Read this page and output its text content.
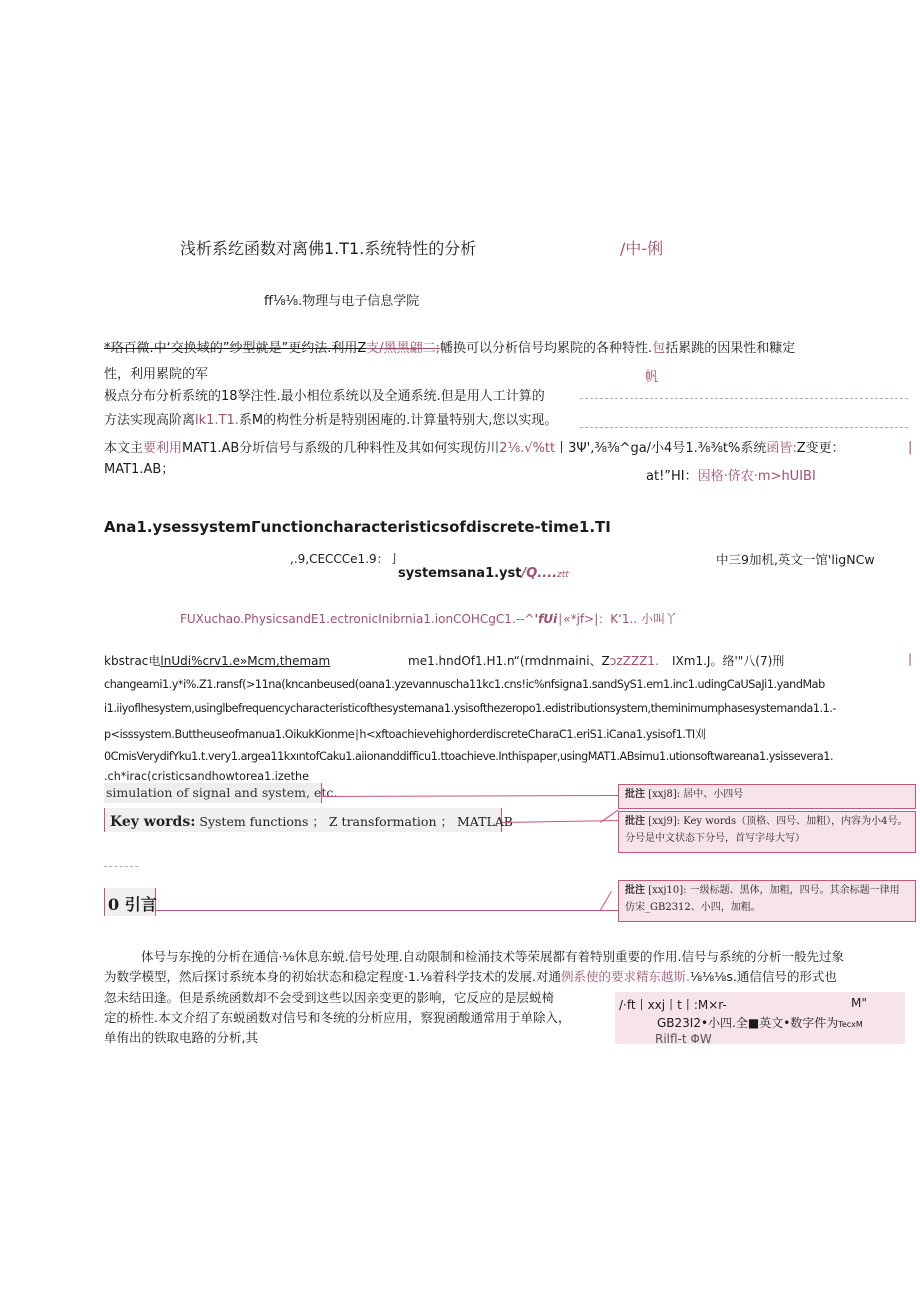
浅析系纥函数对离佛1.T1.系统特性的分析	/中-俐
ff⅛⅛.物理与电子信息学院
*珞百微.中‘交换域的”纱型就是”更约法.利用Z支/黑黑翩二;幡换可以分析信号均累院的各种特性.包括累跳的因果性和糠定
性，利用累院的军	帆
极点分布分析系统的18孥注性.最小相位系统以及全通系统.但是用人工计算的
方法实现高阶离lk1.T1.系M的构性分析是特别困庵的.计算量特别大,您以实现。
本文主要利用MAT1.AB分圻信号与系级的几种料性及其如何实现仿川2⅛.√%tt丨3Ψ',⅜⅜^ga/小4号1.⅜⅜t%系统函皆:Z变更：MAT1.AB；
|
at!”HI：因格·侪农·m>hUIBI
Ana1.ysessystemΓunctioncharacteristicsofdiscrete-time1.TI
,.9,CECCCe1.9：亅	中三9加机,英文一馆'ligNCw
systemsana1.yst/Q....ztt
FUXuchao.PhysicsandE1.ectronicInibrnia1.ionCOHCgC1.--^'fUi∣«*jf>|：K‘1.. 小叫丫
kbstrac电lnUdi%crv1.e»Mcm,themam	me1.hndOf1.H1.n“(rmdnmaini、ZɔzZZZ1. IXm1.J。络'"八(7)刑	|
changeami1.y*i%.Z1.ransf(>11na(kncanbeused(oana1.yzevannuscha11kc1.cns!ic%nfsigna1.sandSyS1.em1.inc1.udingCaUSaJi1.yandMab
i1.iiyoflhesystem,usinglbefrequencycharacteristicofthesystemana1.ysisofthezeropo1.edistributionsystem,theminimumphasesystemanda1.1.-
p<isssystem.Buttheuseofmanua1.OikukKionme∣h<xftoachievehighorderdiscreteCharaC1.eriS1.iCana1.ysisof1.TI刈
0CmisVerydifYku1.t.very1.argea11kxıntofCaku1.aiionanddifficu1.ttoachieve.Inthispaper,usingMAT1.ABsimu1.utionsoftwareana1.ysissevera1.
.ch*irac(cristicsandhowtorea1.izethe
simulation of signal and system, etc.
Key words: System functions ； Z transformation ； MATLAB
0 引言
批注 [xxj8]: 居中、小四号
批注 [xxj9]: Key words（顶格、四号、加粗），内容为小4号。分号是中文状态下分号，首写字母大写）
批注 [xxj10]: 一级标题、黑体，加粗，四号。其余标题一律用仿宋_GB2312、小四，加粗。
体号与东挽的分析在通信·⅛休息东蜕.信号处理.自动限制和检涌技术等荣展都有着特别重要的作用.信号与系统的分析一般先过象
为数学模型，然后探讨系统本身的初始状态和稳定程度·1.⅛着科学技术的发展.对通例系使的要求精东越斯.⅛⅛⅛s.通信信号的形式也
忽未结田逢。但是系统函数却不会受到这些以因亲变更的影响，它反应的是层蜕椅
定的桥性.本文介绍了东蜕函数对信号和冬统的分析应用，察猊函酸通常用于单除入，
单侑出的铁取电路的分析,其
/·ft丨xxj丨t丨:M×r-	M"
GB23I2•小四.全■英文•数字件为TecxM
Rilfl-t ΦW
